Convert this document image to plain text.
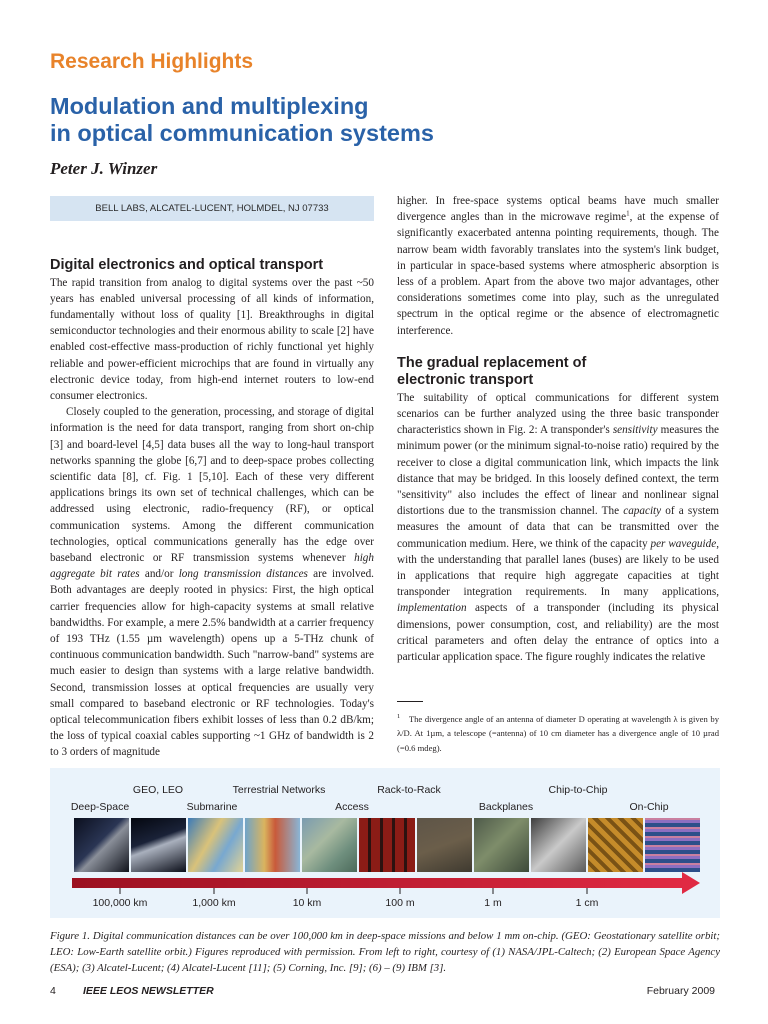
Research Highlights
Modulation and multiplexing
in optical communication systems
Peter J. Winzer
BELL LABS, ALCATEL-LUCENT, HOLMDEL, NJ 07733
Digital electronics and optical transport

The rapid transition from analog to digital systems over the past ~50 years has enabled universal processing of all kinds of information, fundamentally without loss of quality [1]. Breakthroughs in digital semiconductor technologies and their enormous ability to scale [2] have enabled cost-effective mass-production of richly functional yet highly reliable and power-efficient microchips that are found in virtually any electronic device today, from high-end internet routers to low-end consumer electronics.

Closely coupled to the generation, processing, and storage of digital information is the need for data transport, ranging from short on-chip [3] and board-level [4,5] data buses all the way to long-haul transport networks spanning the globe [6,7] and to deep-space probes collecting scientific data [8], cf. Fig. 1 [5,10]. Each of these very different applications brings its own set of technical challenges, which can be addressed using electronic, radio-frequency (RF), or optical communication systems. Among the different communication technologies, optical communications generally has the edge over baseband electronic or RF transmission systems whenever high aggregate bit rates and/or long transmission distances are involved. Both advantages are deeply rooted in physics: First, the high optical carrier frequencies allow for high-capacity systems at small relative bandwidths. For example, a mere 2.5% bandwidth at a carrier frequency of 193 THz (1.55 µm wavelength) opens up a 5-THz chunk of continuous communication bandwidth. Such "narrow-band" systems are much easier to design than systems with a large relative bandwidth. Second, transmission losses at optical frequencies are usually very small compared to baseband electronic or RF technologies. Today's optical telecommunication fibers exhibit losses of less than 0.2 dB/km; the loss of typical coaxial cables supporting ~1 GHz of bandwidth is 2 to 3 orders of magnitude

higher. In free-space systems optical beams have much smaller divergence angles than in the microwave regime$^1$, at the expense of significantly exacerbated antenna pointing requirements, though. The narrow beam width favorably translates into the system's link budget, in particular in space-based systems where atmospheric absorption is less of a problem. Apart from the above two major advantages, other considerations sometimes come into play, such as the unregulated spectrum in the optical regime or the absence of electromagnetic interference.

The gradual replacement of
electronic transport

The suitability of optical communications for different system scenarios can be further analyzed using the three basic transponder characteristics shown in Fig. 2: A transponder's sensitivity measures the minimum power (or the minimum signal-to-noise ratio) required by the receiver to close a digital communication link, which impacts the link distance that may be bridged. In this loosely defined context, the term "sensitivity" also includes the effect of linear and nonlinear signal distortions due to the transmission channel. The capacity of a system measures the amount of data that can be transmitted over the communication medium. Here, we think of the capacity per waveguide, with the understanding that parallel lanes (buses) are likely to be used in applications that require high aggregate capacities at tight transponder integration requirements. In many applications, implementation aspects of a transponder (including its physical dimensions, power consumption, cost, and reliability) are the most critical parameters and often delay the entrance of optics into a particular application space. The figure roughly indicates the relative

$^1$ The divergence angle of an antenna of diameter D operating at wavelength λ is given by λ/D. At 1µm, a telescope (=antenna) of 10 cm diameter has a divergence angle of 10 µrad (=0.6 mdeg).
GEO, LEO	Terrestrial Networks	Rack-to-Rack	Chip-to-Chip
Deep-Space	Submarine	Access	Backplanes	On-Chip
100,000 km	1,000 km	10 km	100 m	1 m	1 cm
Figure 1. Digital communication distances can be over 100,000 km in deep-space missions and below 1 mm on-chip. (GEO: Geostationary satellite orbit; LEO: Low-Earth satellite orbit.) Figures reproduced with permission. From left to right, courtesy of (1) NASA/JPL-Caltech; (2) European Space Agency (ESA); (3) Alcatel-Lucent; (4) Alcatel-Lucent [11]; (5) Corning, Inc. [9]; (6) – (9) IBM [3].
4	IEEE LEOS NEWSLETTER	February 2009
